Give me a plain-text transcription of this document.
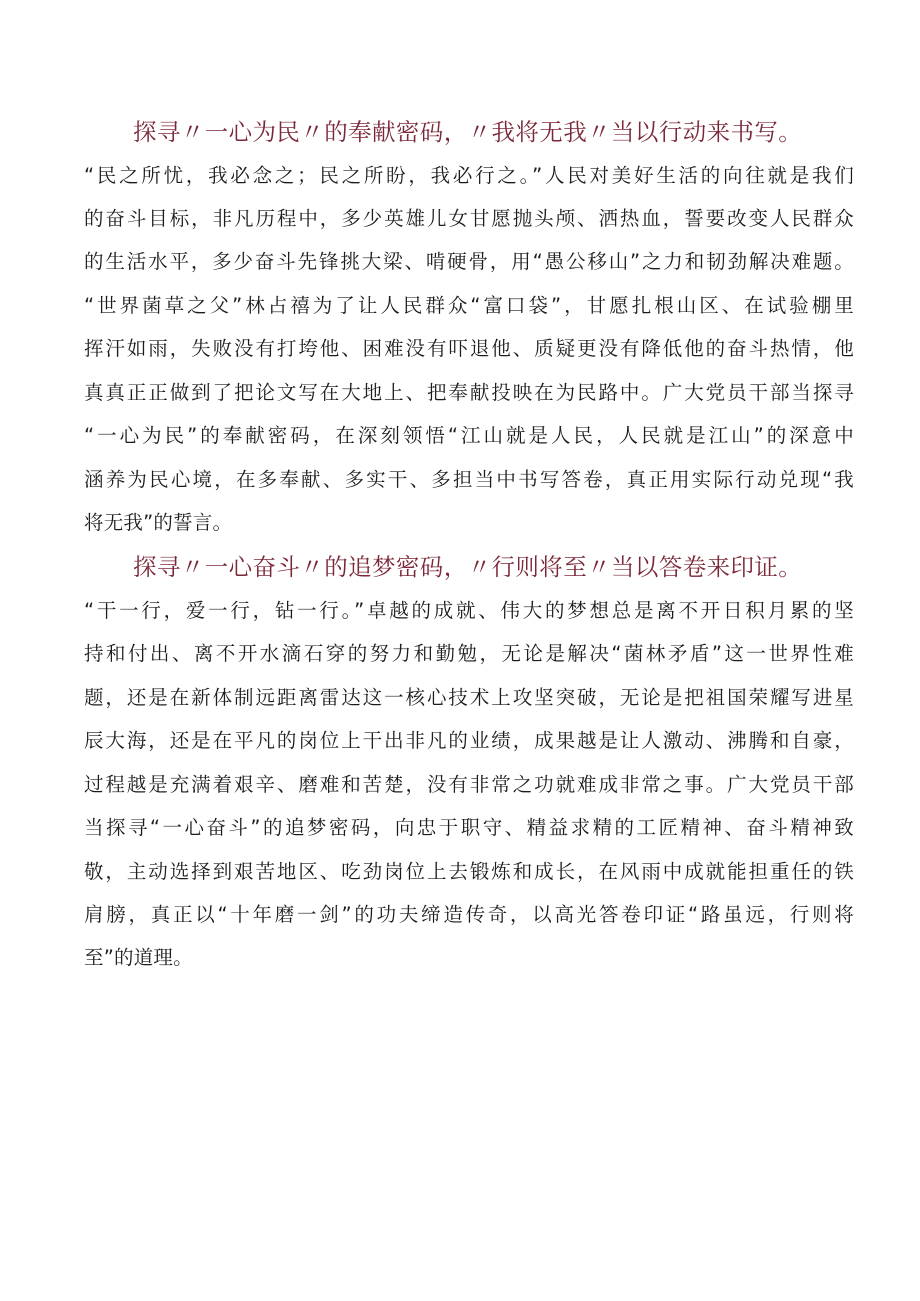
探寻〃一心为民〃的奉献密码，〃我将无我〃当以行动来书写。
“民之所忧，我必念之；民之所盼，我必行之。”人民对美好生活的向往就是我们
的奋斗目标，非凡历程中，多少英雄儿女甘愿抛头颅、洒热血，誓要改变人民群众
的生活水平，多少奋斗先锋挑大梁、啃硬骨，用“愚公移山”之力和韧劲解决难题。
“世界菌草之父”林占禧为了让人民群众“富口袋”，甘愿扎根山区、在试验棚里
挥汗如雨，失败没有打垮他、困难没有吓退他、质疑更没有降低他的奋斗热情，他
真真正正做到了把论文写在大地上、把奉献投映在为民路中。广大党员干部当探寻
“一心为民”的奉献密码，在深刻领悟“江山就是人民，人民就是江山”的深意中
涵养为民心境，在多奉献、多实干、多担当中书写答卷，真正用实际行动兑现“我
将无我”的誓言。
探寻〃一心奋斗〃的追梦密码，〃行则将至〃当以答卷来印证。
“干一行，爱一行，钻一行。”卓越的成就、伟大的梦想总是离不开日积月累的坚
持和付出、离不开水滴石穿的努力和勤勉，无论是解决“菌林矛盾”这一世界性难
题，还是在新体制远距离雷达这一核心技术上攻坚突破，无论是把祖国荣耀写进星
辰大海，还是在平凡的岗位上干出非凡的业绩，成果越是让人激动、沸腾和自豪，
过程越是充满着艰辛、磨难和苦楚，没有非常之功就难成非常之事。广大党员干部
当探寻“一心奋斗”的追梦密码，向忠于职守、精益求精的工匠精神、奋斗精神致
敬，主动选择到艰苦地区、吃劲岗位上去锻炼和成长，在风雨中成就能担重任的铁
肩膀，真正以“十年磨一剑”的功夫缔造传奇，以高光答卷印证“路虽远，行则将
至”的道理。
